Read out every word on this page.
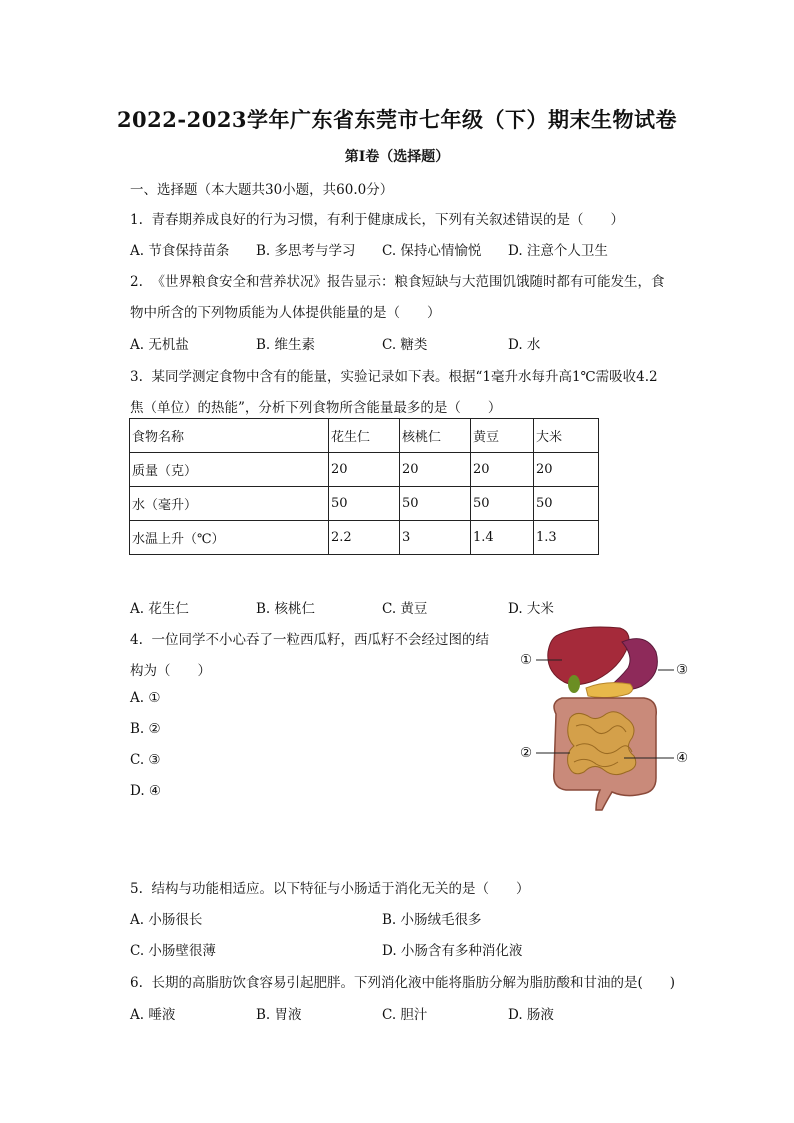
2022-2023学年广东省东莞市七年级（下）期末生物试卷
第I卷（选择题）
一、选择题（本大题共30小题，共60.0分）
1.  青春期养成良好的行为习惯，有利于健康成长，下列有关叙述错误的是（　　）
A. 节食保持苗条 B. 多思考与学习 C. 保持心情愉悦 D. 注意个人卫生
2.  《世界粮食安全和营养状况》报告显示：粮食短缺与大范围饥饿随时都有可能发生，食
物中所含的下列物质能为人体提供能量的是（　　）
A. 无机盐	B. 维生素	C. 糖类	D. 水
3.  某同学测定食物中含有的能量，实验记录如下表。根据“1毫升水每升高1℃需吸收4.2
焦（单位）的热能”，分析下列食物所含能量最多的是（　　）
食物名称	花生仁	核桃仁	黄豆	大米
质量（克）	20	20	20	20
水（毫升）	50	50	50	50
水温上升（℃）	2.2	3	1.4	1.3
A. 花生仁	B. 核桃仁	C. 黄豆	D. 大米
4.  一位同学不小心吞了一粒西瓜籽，西瓜籽不会经过图的结
构为（　　）
A. ①
B. ②
C. ③
D. ④
①
②
③
④
5.  结构与功能相适应。以下特征与小肠适于消化无关的是（　　）
A. 小肠很长	B. 小肠绒毛很多
C. 小肠壁很薄	D. 小肠含有多种消化液
6.  长期的高脂肪饮食容易引起肥胖。下列消化液中能将脂肪分解为脂肪酸和甘油的是(　　)
A. 唾液	B. 胃液	C. 胆汁	D. 肠液
